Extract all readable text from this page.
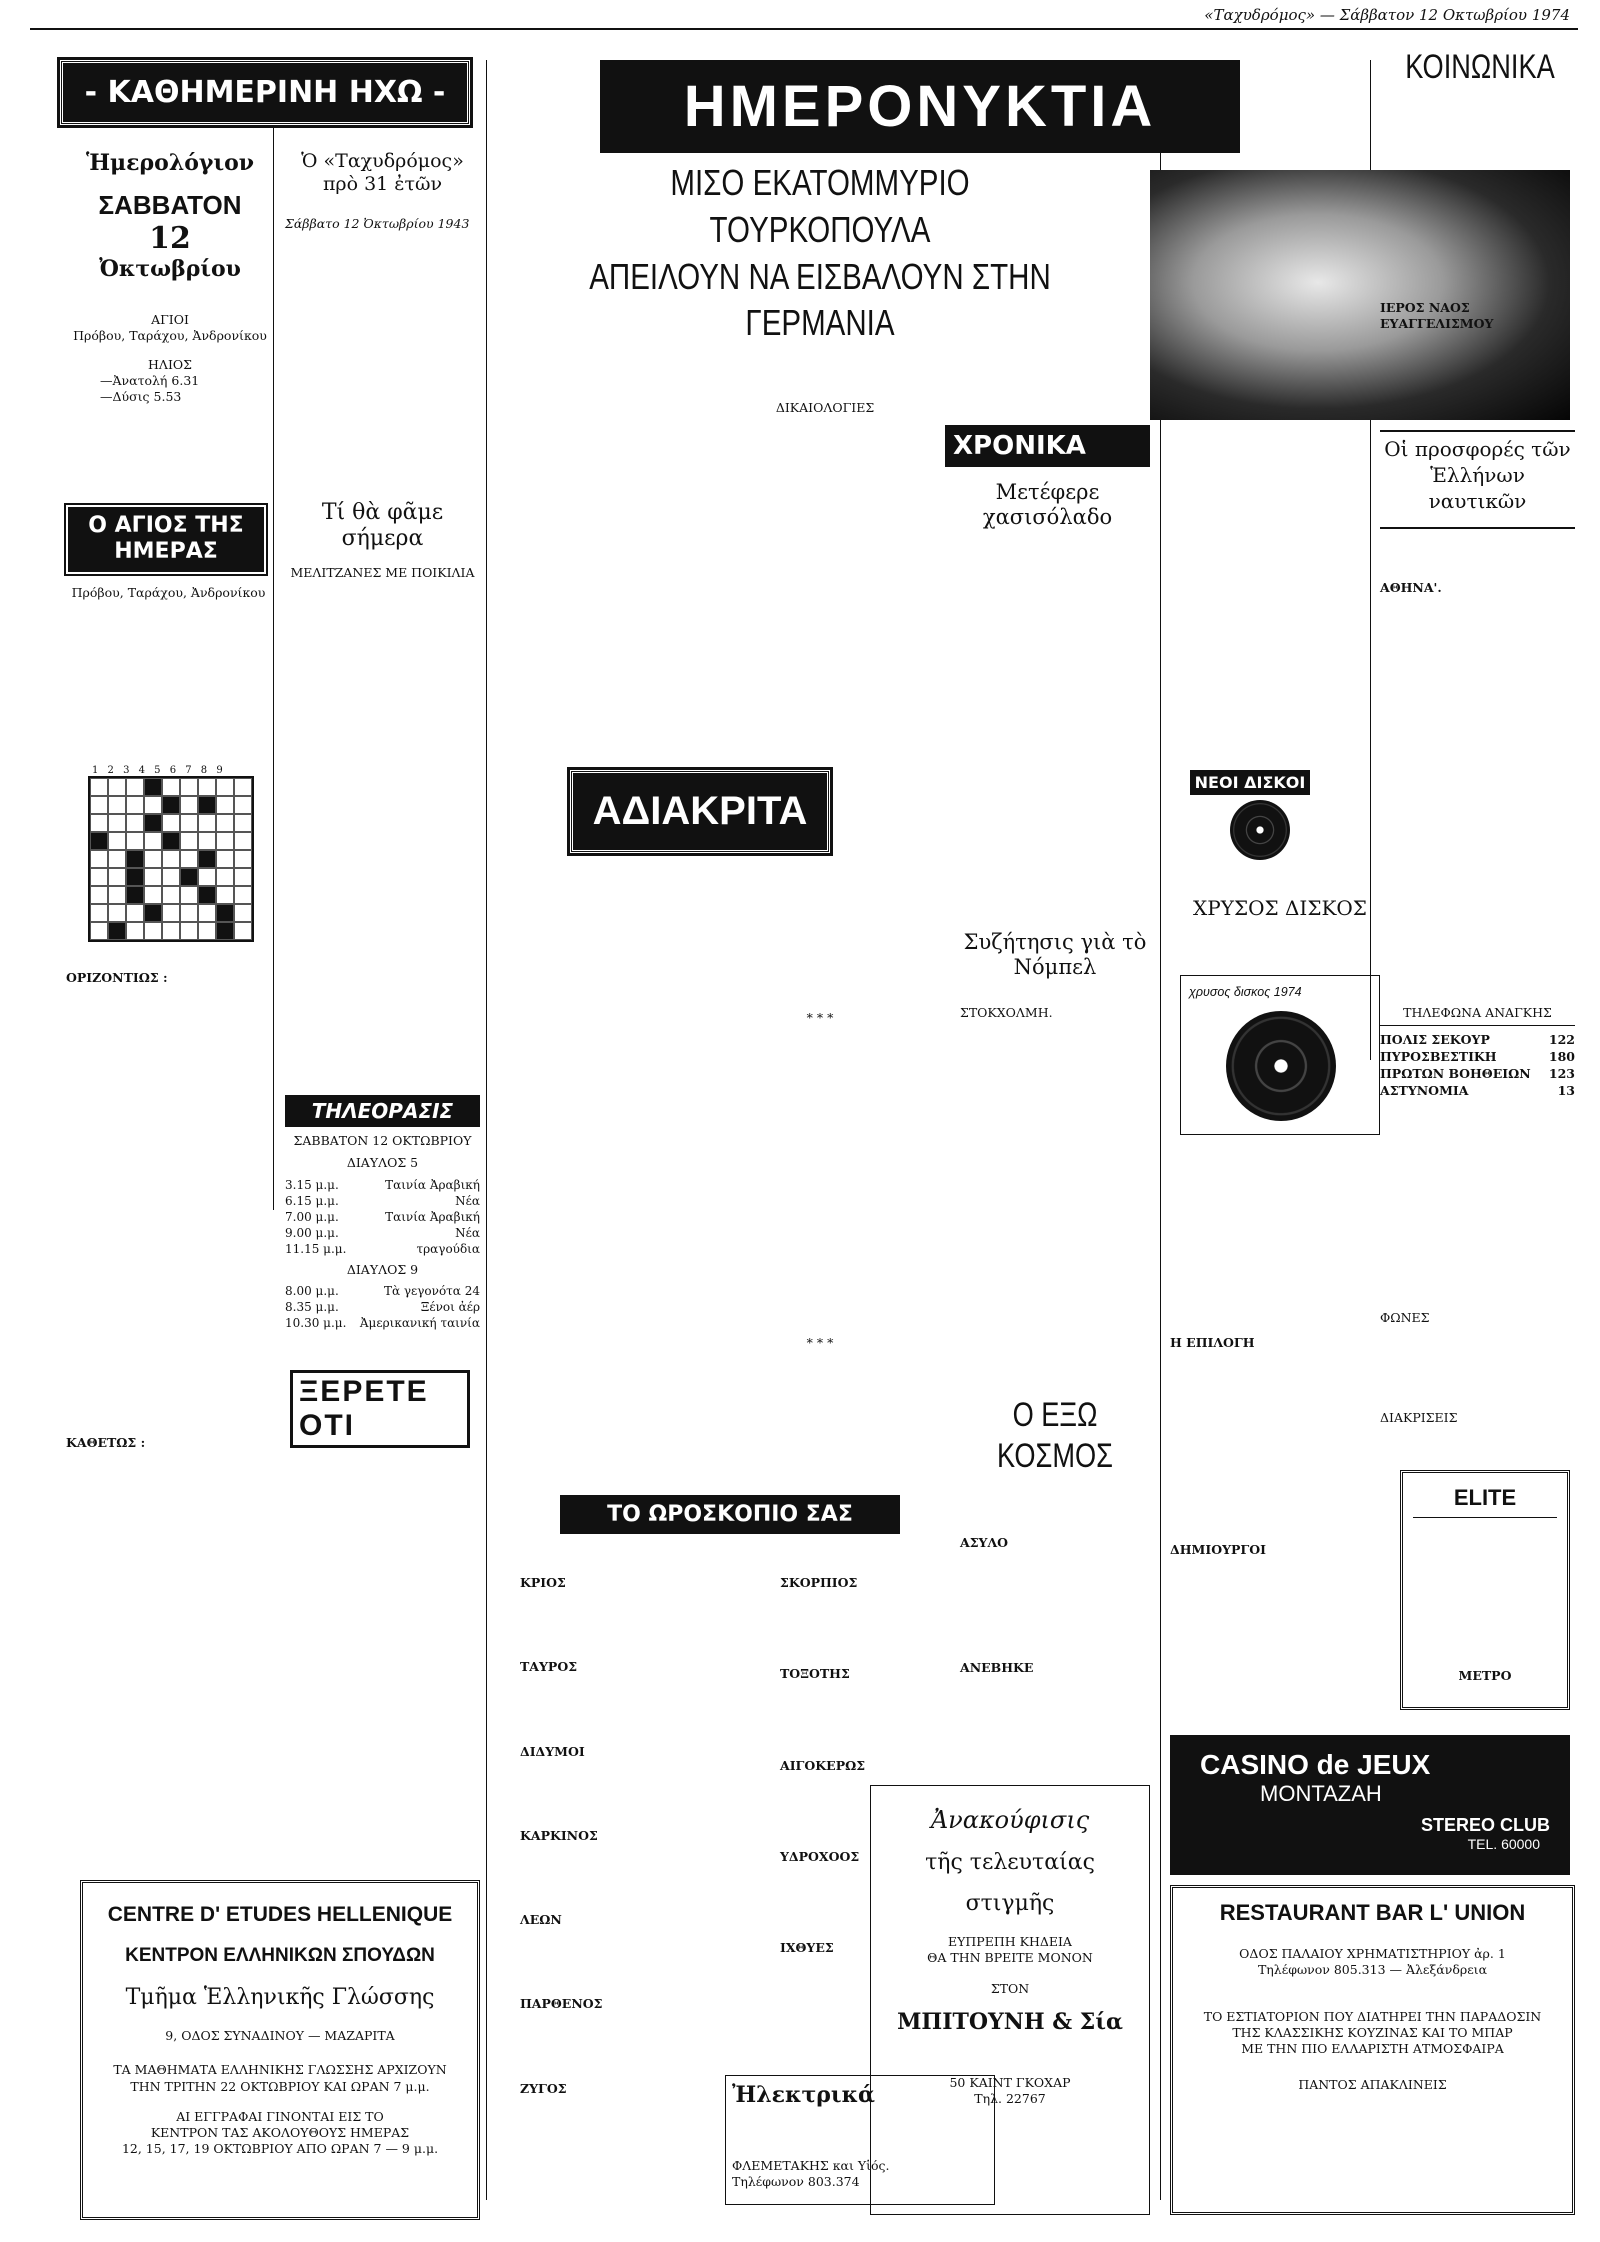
«Ταχυδρόμος» — Σάββατον 12 Οκτωβρίου 1974
- ΚΑΘΗΜΕΡΙΝΗ ΗΧΩ -
Ἡμερολόγιον
ΣΑΒΒΑΤΟΝ
12
Ὀκτωβρίου
ΑΓΙΟΙ
Πρόβου, Ταράχου, Ἀνδρονίκου
ΗΛΙΟΣ
—Ἀνατολή 6.31
—Δύσις 5.53
Ο ΑΓΙΟΣ ΤΗΣ ΗΜΕΡΑΣ
Πρόβου, Ταράχου, Ἀνδρονίκου
1 2 3 4 5 6 7 8 9
ΟΡΙΖΟΝΤΙΩΣ :
ΚΑΘΕΤΩΣ :
Ὁ «Ταχυδρόμος» πρὸ 31 ἐτῶν
Σάββατο 12 Ὀκτωβρίου 1943
Τί θὰ φᾶμε σήμερα
ΜΕΛΙΤΖΑΝΕΣ ΜΕ ΠΟΙΚΙΛΙΑ
ΤΗΛΕΟΡΑΣΙΣ
ΣΑΒΒΑΤΟΝ 12 ΟΚΤΩΒΡΙΟΥ
ΔΙΑΥΛΟΣ 5
3.15 μ.μ.	Ταινία Ἀραβική
6.15 μ.μ.	Νέα
7.00 μ.μ.	Ταινία Ἀραβική
9.00 μ.μ.	Νέα
11.15 μ.μ.	τραγούδια
ΔΙΑΥΛΟΣ 9
8.00 μ.μ.	Τὰ γεγονότα 24
8.35 μ.μ.	Ξένοι ἀέρ
10.30 μ.μ. Ἀμερικανική ταινία
ΞΕΡΕΤΕ ΟΤΙ
CENTRE D' ETUDES HELLENIQUE
ΚΕΝΤΡΟΝ ΕΛΛΗΝΙΚΩΝ ΣΠΟΥΔΩΝ
Τμῆμα Ἑλληνικῆς Γλώσσης
9, ΟΔΟΣ ΣΥΝΑΔΙΝΟΥ — ΜΑΖΑΡΙΤΑ
ΤΑ ΜΑΘΗΜΑΤΑ ΕΛΛΗΝΙΚΗΣ ΓΛΩΣΣΗΣ ΑΡΧΙΖΟΥΝ
ΤΗΝ ΤΡΙΤΗΝ 22 ΟΚΤΩΒΡΙΟΥ ΚΑΙ ΩΡΑΝ 7 μ.μ.
ΑΙ ΕΓΓΡΑΦΑΙ ΓΙΝΟΝΤΑΙ ΕΙΣ ΤΟ
ΚΕΝΤΡΟΝ ΤΑΣ ΑΚΟΛΟΥΘΟΥΣ ΗΜΕΡΑΣ
12, 15, 17, 19 ΟΚΤΩΒΡΙΟΥ ΑΠΟ ΩΡΑΝ 7 — 9 μ.μ.
ΗΜΕΡΟΝΥΚΤΙΑ
ΜΙΣΟ ΕΚΑΤΟΜΜΥΡΙΟ ΤΟΥΡΚΟΠΟΥΛΑ
ΑΠΕΙΛΟΥΝ ΝΑ ΕΙΣΒΑΛΟΥΝ ΣΤΗΝ ΓΕΡΜΑΝΙΑ
ΔΙΚΑΙΟΛΟΓΙΕΣ
ΑΔΙΑΚΡΙΤΑ
* * *
* * *
ΤΟ ΩΡΟΣΚΟΠΙΟ ΣΑΣ
ΚΡΙΟΣ
ΤΑΥΡΟΣ
ΔΙΔΥΜΟΙ
ΚΑΡΚΙΝΟΣ
ΛΕΩΝ
ΠΑΡΘΕΝΟΣ
ΖΥΓΟΣ
ΣΚΟΡΠΙΟΣ
ΤΟΞΟΤΗΣ
ΑΙΓΟΚΕΡΩΣ
ΥΔΡΟΧΟΟΣ
ΙΧΘΥΕΣ
Ἠλεκτρικά
ΦΛΕΜΕΤΑΚΗΣ και Υἱός.
Τηλέφωνον 803.374
ΧΡΟΝΙΚΑ
Μετέφερε χασισόλαδο
ΝΕΟΙ ΔΙΣΚΟΙ
ΧΡΥΣΟΣ ΔΙΣΚΟΣ
χρυσος δισκος 1974
Συζήτησις γιὰ τὸ Νόμπελ
ΣΤΟΚΧΟΛΜΗ.
Ο ΕΞΩ ΚΟΣΜΟΣ
ΑΣΥΛΟ
ΑΝΕΒΗΚΕ
Ἀνακούφισις
τῆς τελευταίας
στιγμῆς
ΕΥΠΡΕΠΗ ΚΗΔΕΙΑ
ΘΑ ΤΗΝ ΒΡΕΙΤΕ ΜΟΝΟΝ
ΣΤΟΝ
ΜΠΙΤΟΥΝΗ & Σία
50 ΚΑΙΝΤ ΓΚΟΧΑΡ
Τηλ. 22767
ΚΟΙΝΩΝΙΚΑ
ΙΕΡΟΣ ΝΑΟΣ ΕΥΑΓΓΕΛΙΣΜΟΥ
Οἱ προσφορές τῶν Ἑλλήνων ναυτικῶν
ΑΘΗΝΑ'.
ΤΗΛΕΦΩΝΑ ΑΝΑΓΚΗΣ
ΠΟΛΙΣ ΣΕΚΟΥΡ	122
ΠΥΡΟΣΒΕΣΤΙΚΗ	180
ΠΡΩΤΩΝ ΒΟΗΘΕΙΩΝ 123
ΑΣΤΥΝΟΜΙΑ	13
Η ΕΠΙΛΟΓΗ
ΔΗΜΙΟΥΡΓΟΙ
ΦΩΝΕΣ
ΔΙΑΚΡΙΣΕΙΣ
ELITE
ΜΕΤΡΟ
CASINO de JEUX
ΜΟΝΤΑΖΑΗ
STEREO CLUB
TEL. 60000
RESTAURANT BAR L' UNION
ΟΔΟΣ ΠΑΛΑΙΟΥ ΧΡΗΜΑΤΙΣΤΗΡΙΟΥ ἀρ. 1
Τηλέφωνον 805.313 — Ἀλεξάνδρεια
ΤΟ ΕΣΤΙΑΤΟΡΙΟΝ ΠΟΥ ΔΙΑΤΗΡΕΙ ΤΗΝ ΠΑΡΑΔΟΣΙΝ
ΤΗΣ ΚΛΑΣΣΙΚΗΣ ΚΟΥΖΙΝΑΣ ΚΑΙ ΤΟ ΜΠΑΡ
ΜΕ ΤΗΝ ΠΙΟ ΕΛΛΑΡΙΣΤΗ ΑΤΜΟΣΦΑΙΡΑ
ΠΑΝΤΟΣ ΑΠΑΚΛΙΝΕΙΣ
